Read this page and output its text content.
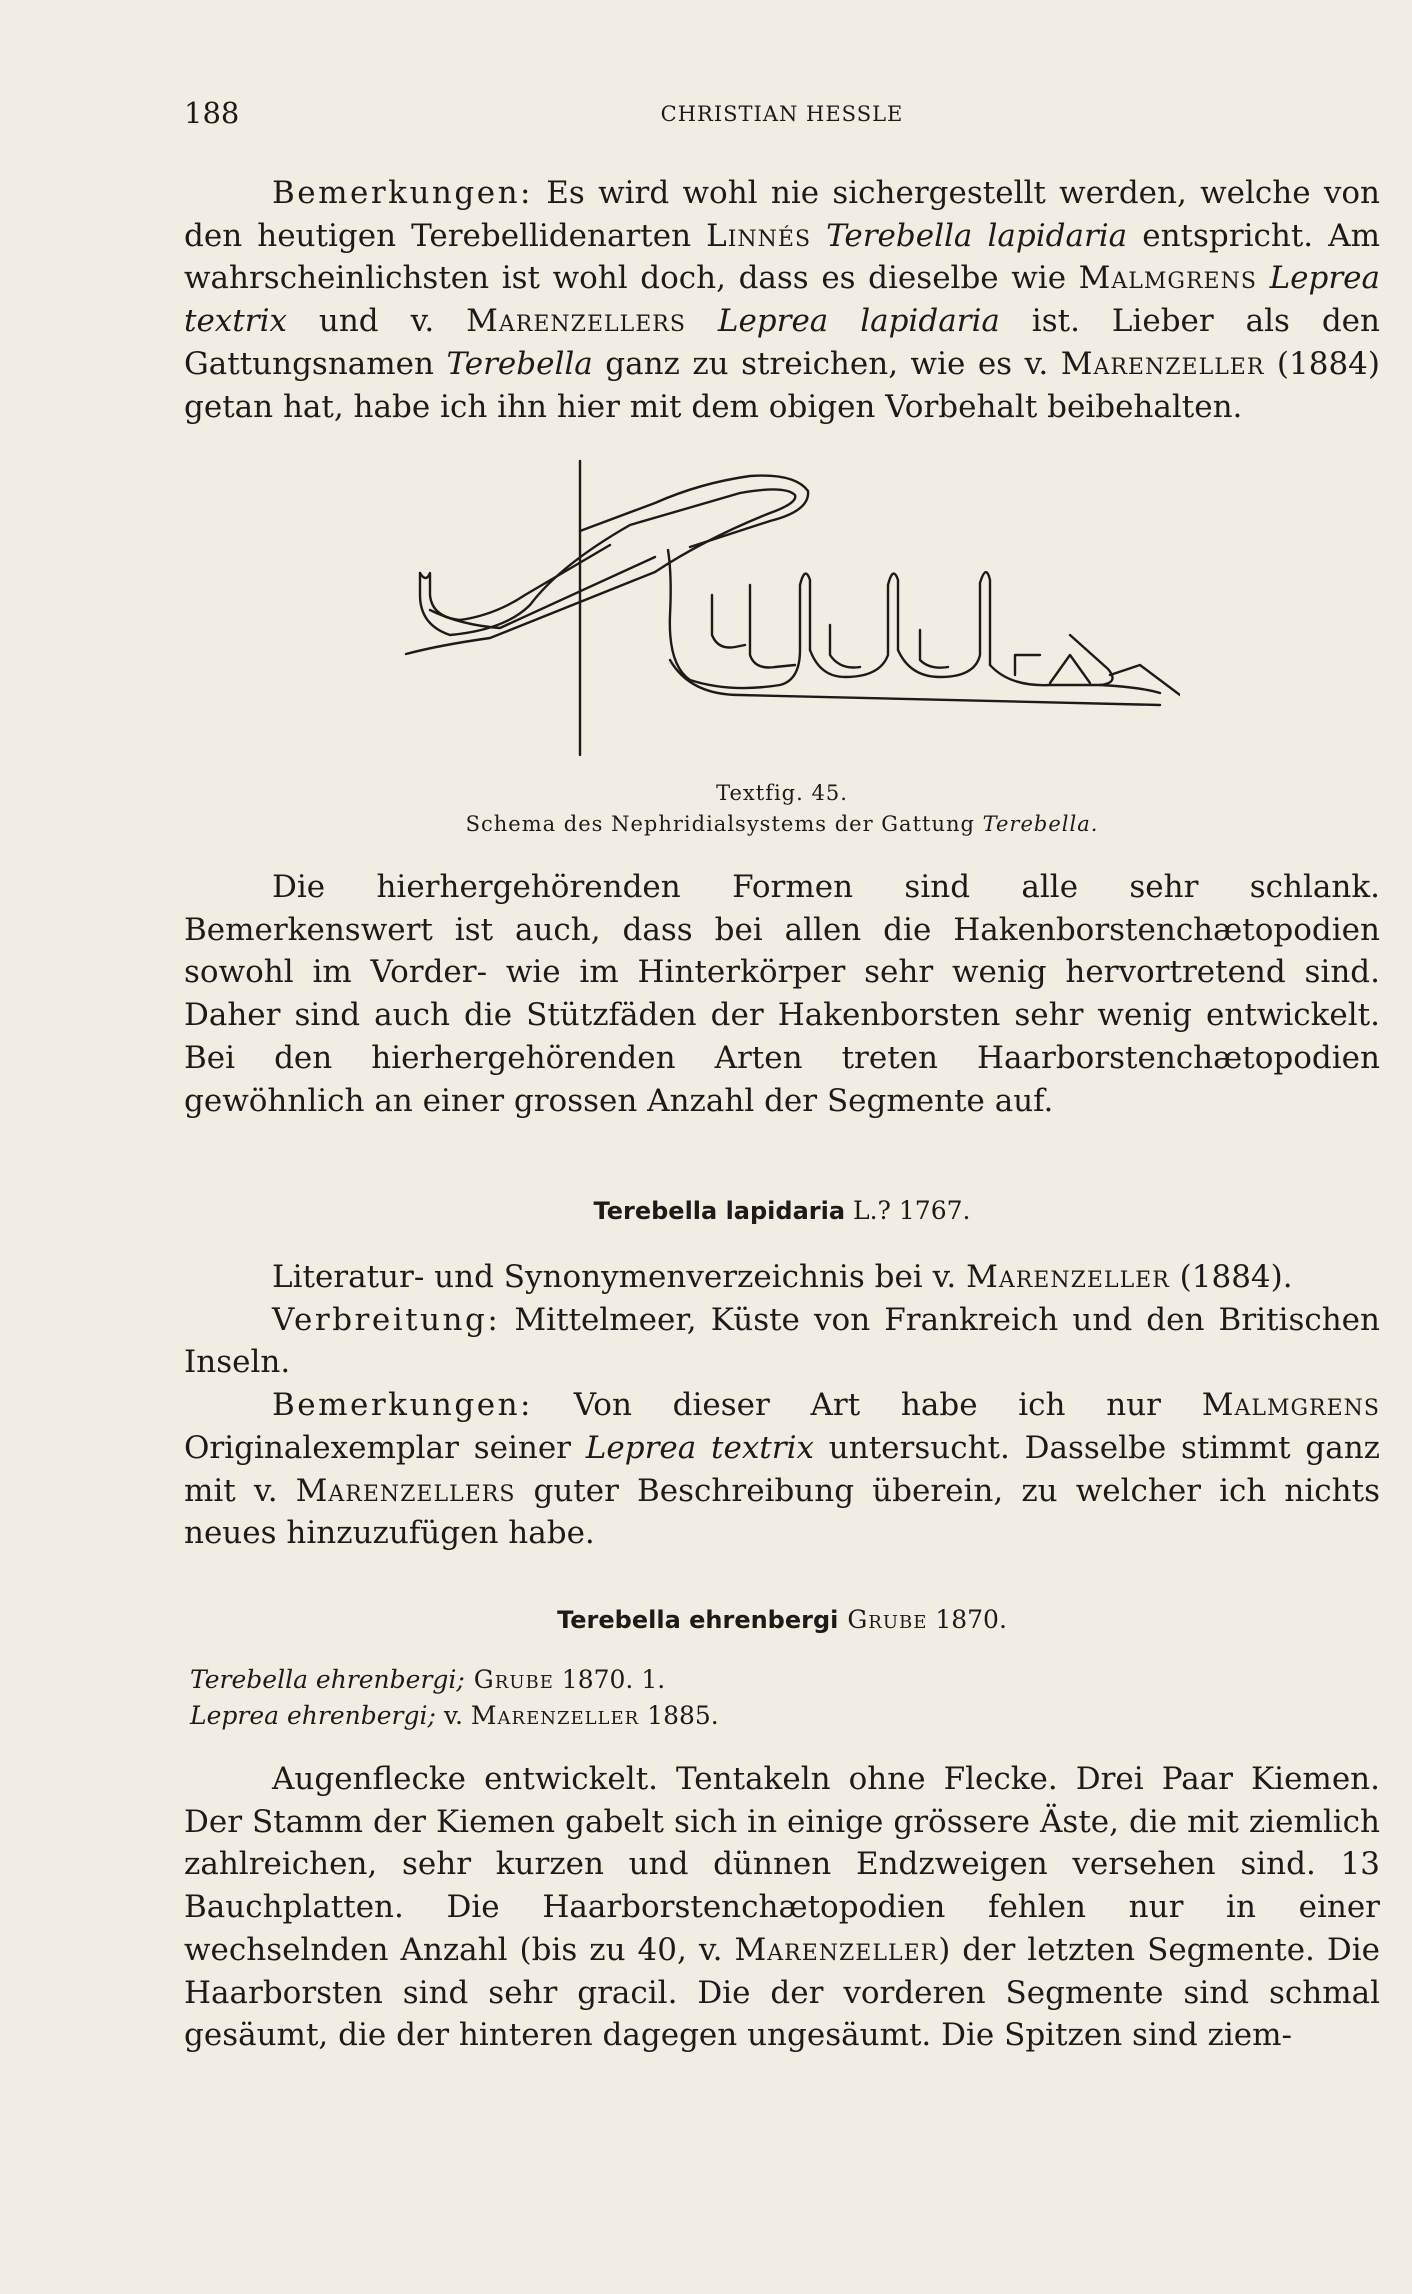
188	CHRISTIAN HESSLE

Bemerkungen: Es wird wohl nie sichergestellt werden, welche von den heutigen Terebellidenarten Linnés Terebella lapidaria entspricht. Am wahrscheinlichsten ist wohl doch, dass es dieselbe wie Malmgrens Leprea textrix und v. Marenzellers Leprea lapidaria ist. Lieber als den Gattungsnamen Terebella ganz zu streichen, wie es v. Marenzeller (1884) getan hat, habe ich ihn hier mit dem obigen Vorbehalt beibehalten.

Textfig. 45.
Schema des Nephridialsystems der Gattung Terebella.

Die hierhergehörenden Formen sind alle sehr schlank. Bemerkenswert ist auch, dass bei allen die Hakenborstenchætopodien sowohl im Vorder- wie im Hinterkörper sehr wenig hervortretend sind. Daher sind auch die Stützfäden der Hakenborsten sehr wenig entwickelt. Bei den hierhergehörenden Arten treten Haarborstenchætopodien gewöhnlich an einer grossen Anzahl der Segmente auf.

Terebella lapidaria L.? 1767.

Literatur- und Synonymenverzeichnis bei v. Marenzeller (1884).

Verbreitung: Mittelmeer, Küste von Frankreich und den Britischen Inseln.

Bemerkungen: Von dieser Art habe ich nur Malmgrens Originalexemplar seiner Leprea textrix untersucht. Dasselbe stimmt ganz mit v. Marenzellers guter Beschreibung überein, zu welcher ich nichts neues hinzuzufügen habe.

Terebella ehrenbergi Grube 1870.
Terebella ehrenbergi; Grube 1870. 1.
Leprea ehrenbergi; v. Marenzeller 1885.

Augenflecke entwickelt. Tentakeln ohne Flecke. Drei Paar Kiemen. Der Stamm der Kiemen gabelt sich in einige grössere Äste, die mit ziemlich zahlreichen, sehr kurzen und dünnen Endzweigen versehen sind. 13 Bauchplatten. Die Haarborstenchætopodien fehlen nur in einer wechselnden Anzahl (bis zu 40, v. Marenzeller) der letzten Segmente. Die Haarborsten sind sehr gracil. Die der vorderen Segmente sind schmal gesäumt, die der hinteren dagegen ungesäumt. Die Spitzen sind ziem-
